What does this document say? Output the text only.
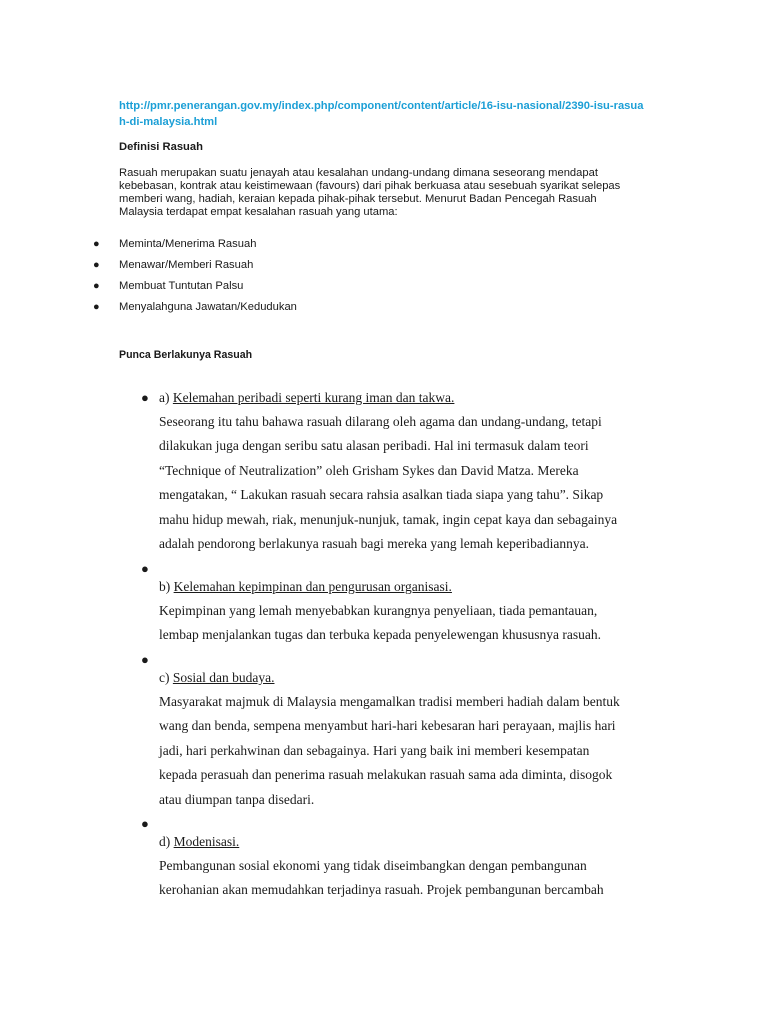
http://pmr.penerangan.gov.my/index.php/component/content/article/16-isu-nasional/2390-isu-rasuah-di-malaysia.html
Definisi Rasuah

Rasuah merupakan suatu jenayah atau kesalahan undang-undang dimana seseorang mendapat

kebebasan, kontrak atau keistimewaan (favours) dari pihak berkuasa atau sesebuah syarikat selepas

memberi wang, hadiah, keraian kepada pihak-pihak tersebut. Menurut Badan Pencegah Rasuah

Malaysia terdapat empat kesalahan rasuah yang utama:

● Meminta/Menerima Rasuah
● Menawar/Memberi Rasuah
● Membuat Tuntutan Palsu
● Menyalahguna Jawatan/Kedudukan
Punca Berlakunya Rasuah
● a) Kelemahan peribadi seperti kurang iman dan takwa.
Seseorang itu tahu bahawa rasuah dilarang oleh agama dan undang-undang, tetapi
dilakukan juga dengan seribu satu alasan peribadi. Hal ini termasuk dalam teori
“Technique of Neutralization” oleh Grisham Sykes dan David Matza. Mereka
mengatakan, “ Lakukan rasuah secara rahsia asalkan tiada siapa yang tahu”. Sikap
mahu hidup mewah, riak, menunjuk-nunjuk, tamak, ingin cepat kaya dan sebagainya
adalah pendorong berlakunya rasuah bagi mereka yang lemah keperibadiannya.
●
b) Kelemahan kepimpinan dan pengurusan organisasi.
Kepimpinan yang lemah menyebabkan kurangnya penyeliaan, tiada pemantauan,
lembap menjalankan tugas dan terbuka kepada penyelewengan khususnya rasuah.
●
c) Sosial dan budaya.
Masyarakat majmuk di Malaysia mengamalkan tradisi memberi hadiah dalam bentuk
wang dan benda, sempena menyambut hari-hari kebesaran hari perayaan, majlis hari
jadi, hari perkahwinan dan sebagainya. Hari yang baik ini memberi kesempatan
kepada perasuah dan penerima rasuah melakukan rasuah sama ada diminta, disogok
atau diumpan tanpa disedari.
●
d) Modenisasi.
Pembangunan sosial ekonomi yang tidak diseimbangkan dengan pembangunan
kerohanian akan memudahkan terjadinya rasuah. Projek pembangunan bercambah
